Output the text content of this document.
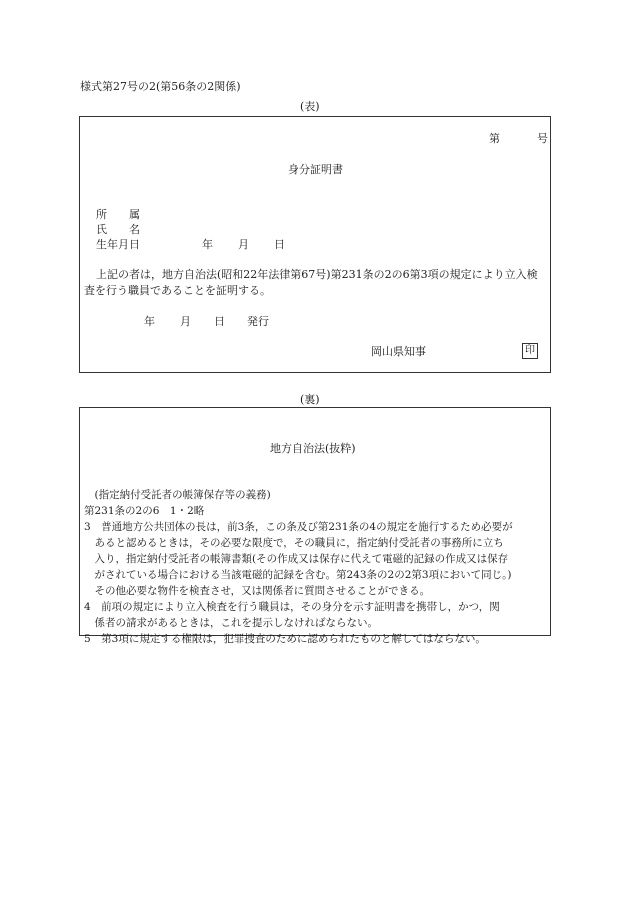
様式第27号の2(第56条の2関係)
(表)
第	号
身分証明書
所　　属
氏　　名
生年月日	年 月 日
上記の者は，地方自治法(昭和22年法律第67号)第231条の2の6第3項の規定により立入検
査を行う職員であることを証明する。
年 月 日 発行
岡山県知事	印
(裏)
地方自治法(抜粋)
　(指定納付受託者の帳簿保存等の義務)
第231条の2の6　1・2略
3　普通地方公共団体の長は，前3条，この条及び第231条の4の規定を施行するため必要が
　あると認めるときは，その必要な限度で，その職員に，指定納付受託者の事務所に立ち
　入り，指定納付受託者の帳簿書類(その作成又は保存に代えて電磁的記録の作成又は保存
　がされている場合における当該電磁的記録を含む。第243条の2の2第3項において同じ。)
　その他必要な物件を検査させ，又は関係者に質問させることができる。
4　前項の規定により立入検査を行う職員は，その身分を示す証明書を携帯し，かつ，関
　係者の請求があるときは，これを提示しなければならない。
5　第3項に規定する権限は，犯罪捜査のために認められたものと解してはならない。
